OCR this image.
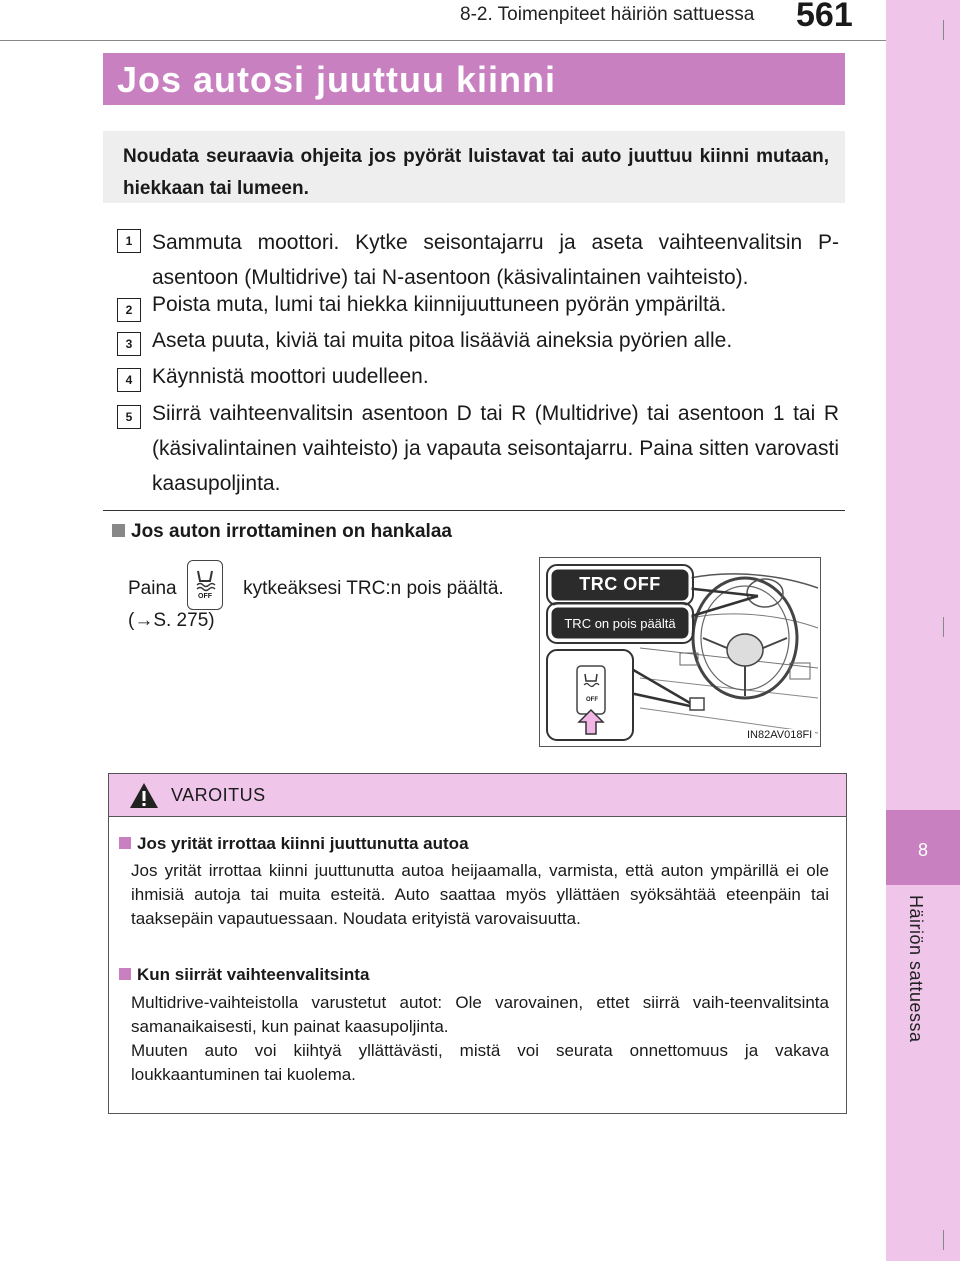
8-2. Toimenpiteet häiriön sattuessa 561
8
Häiriön sattuessa
Jos autosi juuttuu kiinni
Noudata seuraavia ohjeita jos pyörät luistavat tai auto juuttuu kiinni mutaan, hiekkaan tai lumeen.
1 Sammuta moottori. Kytke seisontajarru ja aseta vaihteenvalitsin P-asentoon (Multidrive) tai N-asentoon (käsivalintainen vaihteisto).
2 Poista muta, lumi tai hiekka kiinnijuuttuneen pyörän ympäriltä.
3 Aseta puuta, kiviä tai muita pitoa lisääviä aineksia pyörien alle.
4 Käynnistä moottori uudelleen.
5 Siirrä vaihteenvalitsin asentoon D tai R (Multidrive) tai asentoon 1 tai R (käsivalintainen vaihteisto) ja vapauta seisontajarru. Paina sitten varovasti kaasupoljinta.
Jos auton irrottaminen on hankalaa
Paina	kytkeäksesi TRC:n pois päältä.
OFF
(→S. 275)
TRC OFF
TRC on pois päältä
OFF
IN82AV018FI
VAROITUS
Jos yrität irrottaa kiinni juuttunutta autoa
Jos yrität irrottaa kiinni juuttunutta autoa heijaamalla, varmista, että auton ympärillä ei ole ihmisiä autoja tai muita esteitä. Auto saattaa myös yllättäen syöksähtää eteenpäin tai taaksepäin vapautuessaan. Noudata erityistä varovaisuutta.
Kun siirrät vaihteenvalitsinta
Multidrive-vaihteistolla varustetut autot: Ole varovainen, ettet siirrä vaih-teenvalitsinta samanaikaisesti, kun painat kaasupoljinta.
Muuten auto voi kiihtyä yllättävästi, mistä voi seurata onnettomuus ja vakava loukkaantuminen tai kuolema.
